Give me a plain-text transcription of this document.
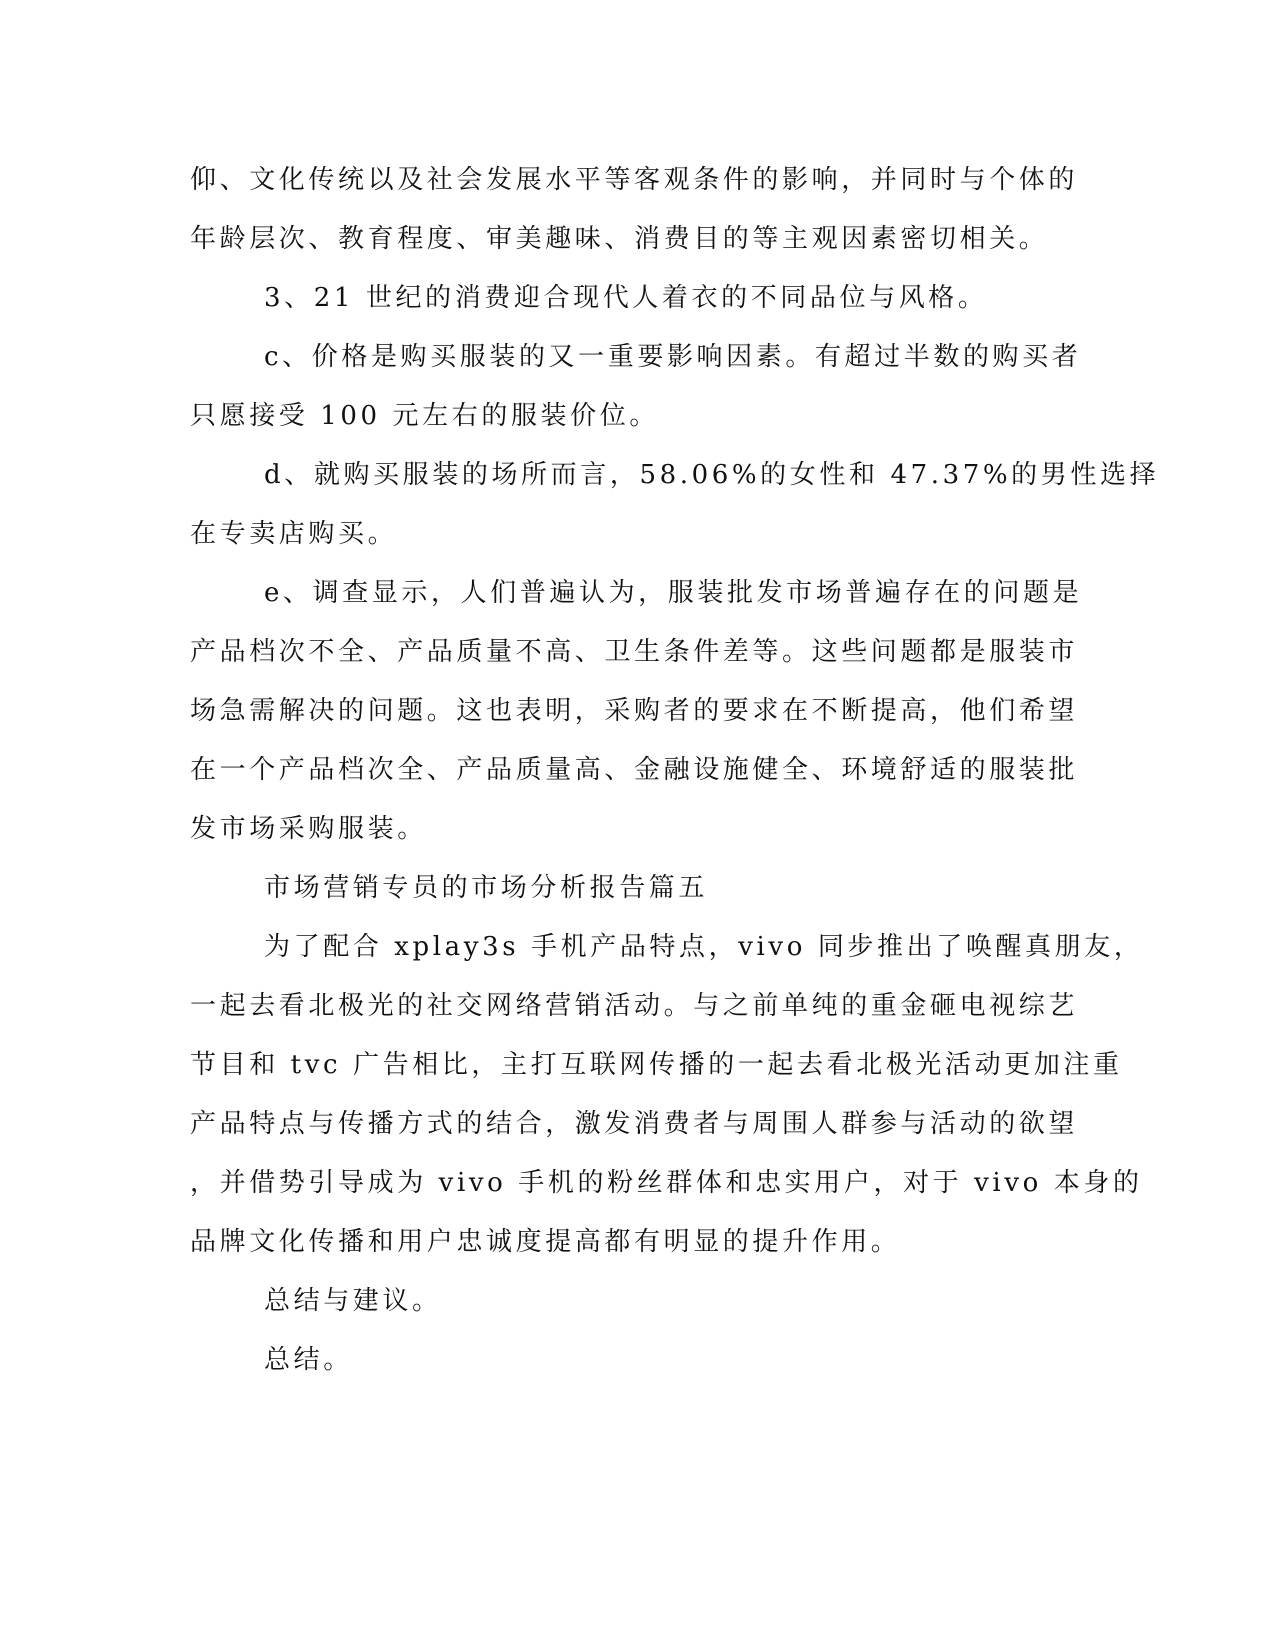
仰、文化传统以及社会发展水平等客观条件的影响，并同时与个体的
年龄层次、教育程度、审美趣味、消费目的等主观因素密切相关。
3、21 世纪的消费迎合现代人着衣的不同品位与风格。
c、价格是购买服装的又一重要影响因素。有超过半数的购买者
只愿接受 100 元左右的服装价位。
d、就购买服装的场所而言，58.06%的女性和 47.37%的男性选择
在专卖店购买。
e、调查显示，人们普遍认为，服装批发市场普遍存在的问题是
产品档次不全、产品质量不高、卫生条件差等。这些问题都是服装市
场急需解决的问题。这也表明，采购者的要求在不断提高，他们希望
在一个产品档次全、产品质量高、金融设施健全、环境舒适的服装批
发市场采购服装。
市场营销专员的市场分析报告篇五
为了配合 xplay3s 手机产品特点，vivo 同步推出了唤醒真朋友，
一起去看北极光的社交网络营销活动。与之前单纯的重金砸电视综艺
节目和 tvc 广告相比，主打互联网传播的一起去看北极光活动更加注重
产品特点与传播方式的结合，激发消费者与周围人群参与活动的欲望
，并借势引导成为 vivo 手机的粉丝群体和忠实用户，对于 vivo 本身的
品牌文化传播和用户忠诚度提高都有明显的提升作用。
总结与建议。
总结。
